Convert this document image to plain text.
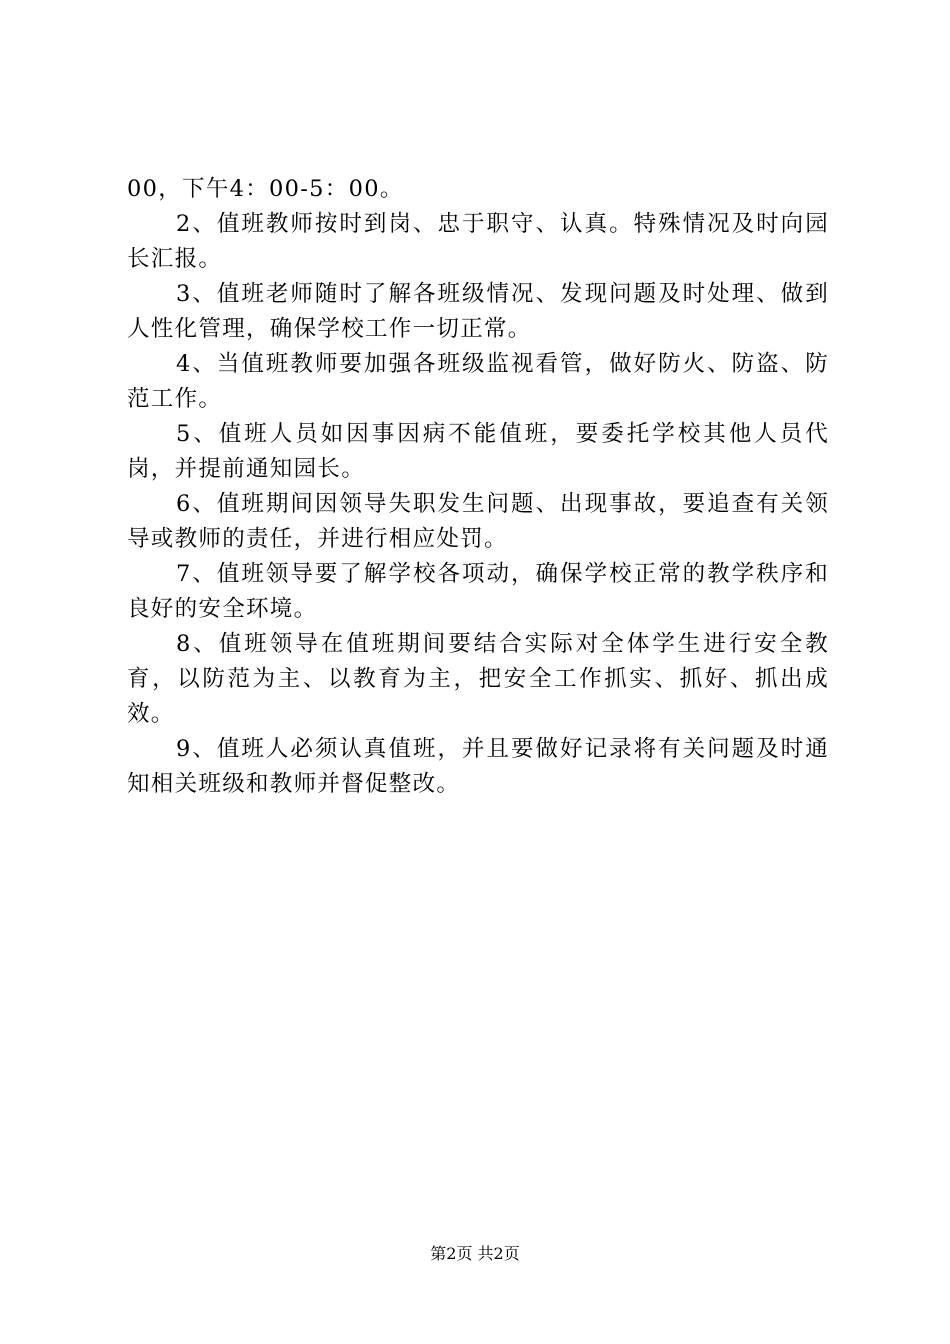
00，下午4：00-5：00。

2、值班教师按时到岗、忠于职守、认真。特殊情况及时向园长汇报。

3、值班老师随时了解各班级情况、发现问题及时处理、做到人性化管理，确保学校工作一切正常。

4、当值班教师要加强各班级监视看管，做好防火、防盗、防范工作。

5、值班人员如因事因病不能值班，要委托学校其他人员代岗，并提前通知园长。

6、值班期间因领导失职发生问题、出现事故，要追查有关领导或教师的责任，并进行相应处罚。

7、值班领导要了解学校各项动，确保学校正常的教学秩序和良好的安全环境。

8、值班领导在值班期间要结合实际对全体学生进行安全教育，以防范为主、以教育为主，把安全工作抓实、抓好、抓出成效。

9、值班人必须认真值班，并且要做好记录将有关问题及时通知相关班级和教师并督促整改。

第2页 共2页
